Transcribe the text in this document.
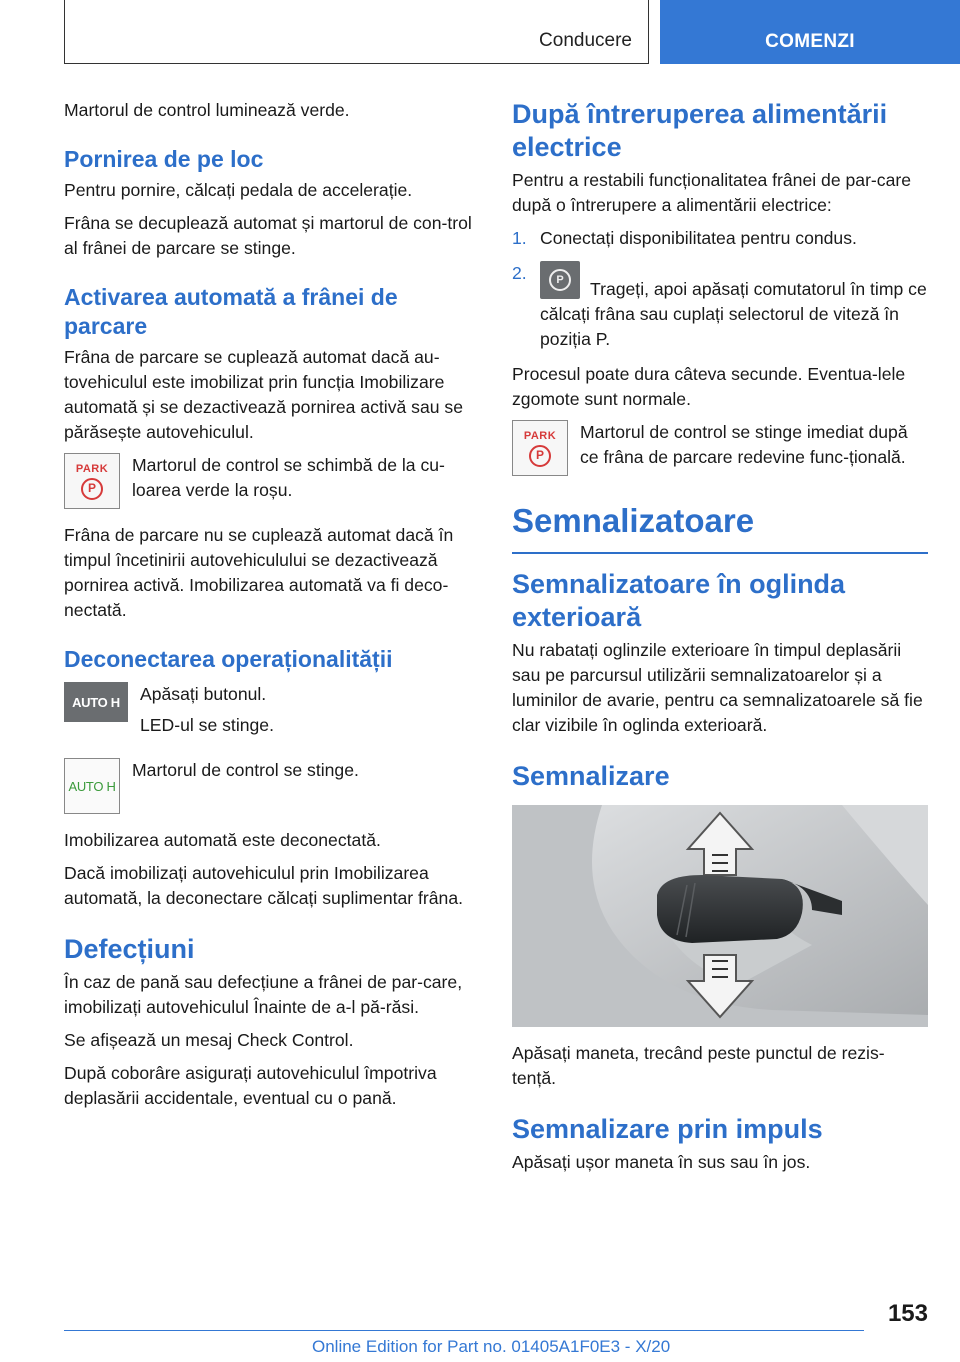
Conducere	COMENZI

Martorul de control luminează verde.

Pornirea de pe loc

Pentru pornire, călcați pedala de accelerație.

Frâna se decuplează automat și martorul de con-trol al frânei de parcare se stinge.

Activarea automată a frânei de parcare

Frâna de parcare se cuplează automat dacă au-tovehiculul este imobilizat prin funcția Imobilizare automată și se dezactivează pornirea activă sau se părăsește autovehiculul.

PARK
P

Martorul de control se schimbă de la cu-loarea verde la roșu.

Frâna de parcare nu se cuplează automat dacă în timpul încetinirii autovehiculului se dezactivează pornirea activă. Imobilizarea automată va fi deco-nectată.

Deconectarea operaționalității
AUTO H	Apăsați butonul.

LED-ul se stinge.

AUTO H

Martorul de control se stinge.

Imobilizarea automată este deconectată.

Dacă imobilizați autovehiculul prin Imobilizarea automată, la deconectare călcați suplimentar frâna.

Defecțiuni

În caz de pană sau defecțiune a frânei de par-care, imobilizați autovehiculul Înainte de a-l pă-răsi.

Se afișează un mesaj Check Control.

După coborâre asigurați autovehiculul împotriva deplasării accidentale, eventual cu o pană.

După întreruperea alimentării electrice

Pentru a restabili funcționalitatea frânei de par-care după o întrerupere a alimentării electrice:

1. Conectați disponibilitatea pentru condus.
2.	P	Trageți, apoi apăsați comutatorul în timp ce călcați frâna sau cuplați selectorul de viteză în poziția P.

Procesul poate dura câteva secunde. Eventua-lele zgomote sunt normale.

PARK
P

Martorul de control se stinge imediat după ce frâna de parcare redevine func-țională.

Semnalizatoare
Semnalizatoare în oglinda exterioară

Nu rabatați oglinzile exterioare în timpul deplasării sau pe parcursul utilizării semnalizatoarelor și a luminilor de avarie, pentru ca semnalizatoarele să fie clar vizibile în oglinda exterioară.

Semnalizare

Apăsați maneta, trecând peste punctul de rezis-tență.

Semnalizare prin impuls

Apăsați ușor maneta în sus sau în jos.

153
Online Edition for Part no. 01405A1F0E3 - X/20
